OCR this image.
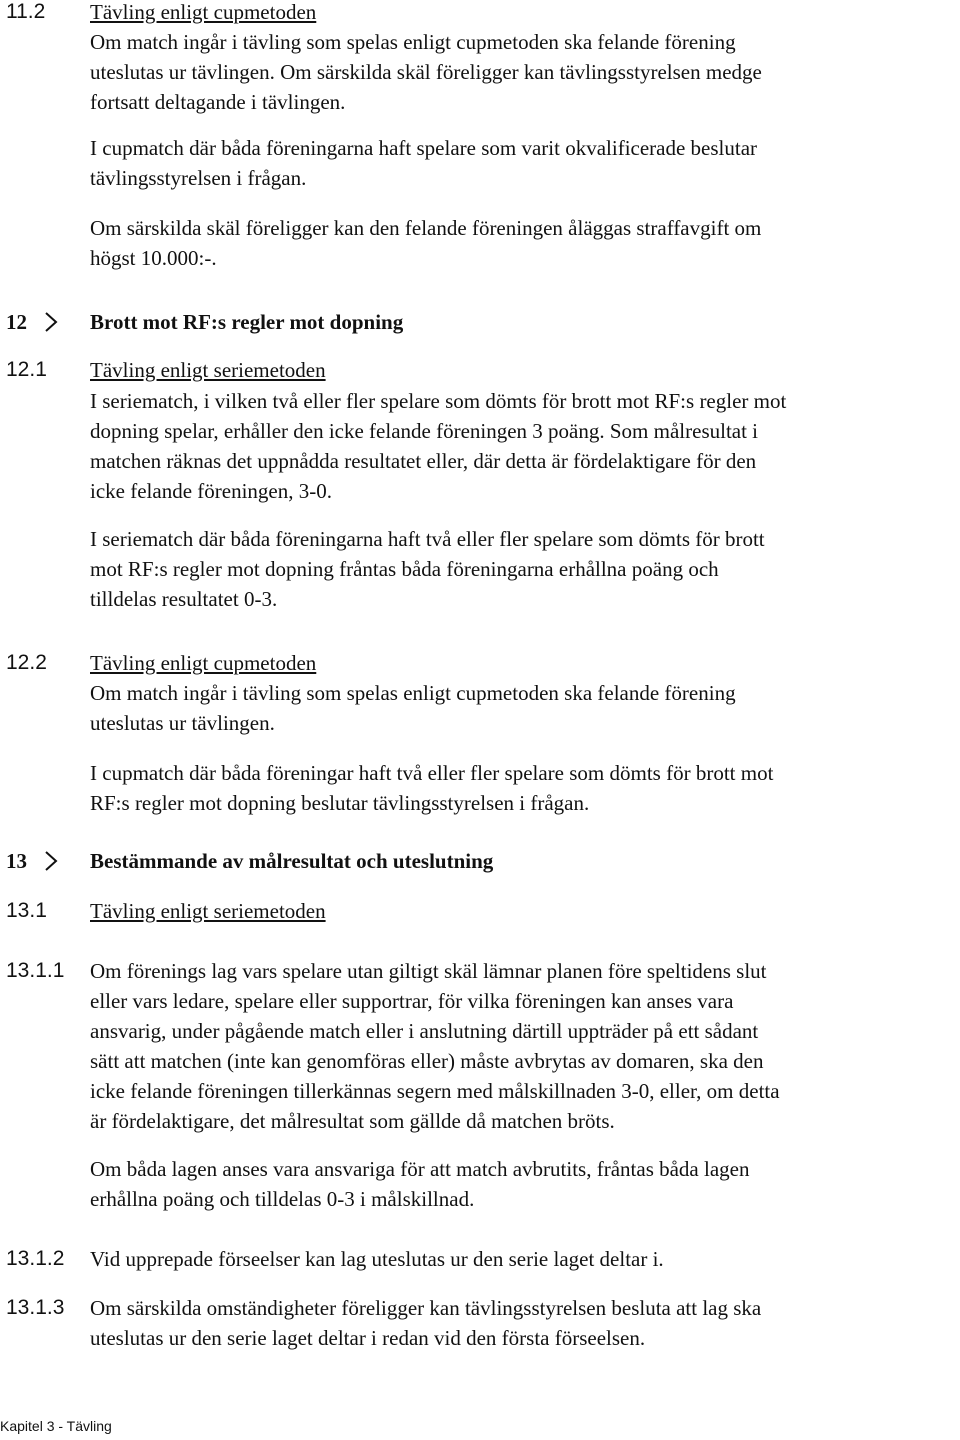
11.2 Tävling enligt cupmetoden
Om match ingår i tävling som spelas enligt cupmetoden ska felande förening
uteslutas ur tävlingen. Om särskilda skäl föreligger kan tävlingsstyrelsen medge
fortsatt deltagande i tävlingen.
I cupmatch där båda föreningarna haft spelare som varit okvalificerade beslutar
tävlingsstyrelsen i frågan.
Om särskilda skäl föreligger kan den felande föreningen åläggas straffavgift om
högst 10.000:-.
12	Brott mot RF:s regler mot dopning
12.1 Tävling enligt seriemetoden
I seriematch, i vilken två eller fler spelare som dömts för brott mot RF:s regler mot
dopning spelar, erhåller den icke felande föreningen 3 poäng. Som målresultat i
matchen räknas det uppnådda resultatet eller, där detta är fördelaktigare för den
icke felande föreningen, 3-0.
I seriematch där båda föreningarna haft två eller fler spelare som dömts för brott
mot RF:s regler mot dopning fråntas båda föreningarna erhållna poäng och
tilldelas resultatet 0-3.
12.2 Tävling enligt cupmetoden
Om match ingår i tävling som spelas enligt cupmetoden ska felande förening
uteslutas ur tävlingen.
I cupmatch där båda föreningar haft två eller fler spelare som dömts för brott mot
RF:s regler mot dopning beslutar tävlingsstyrelsen i frågan.
13	Bestämmande av målresultat och uteslutning
13.1 Tävling enligt seriemetoden
13.1.1 Om förenings lag vars spelare utan giltigt skäl lämnar planen före speltidens slut
eller vars ledare, spelare eller supportrar, för vilka föreningen kan anses vara
ansvarig, under pågående match eller i anslutning därtill uppträder på ett sådant
sätt att matchen (inte kan genomföras eller) måste avbrytas av domaren, ska den
icke felande föreningen tillerkännas segern med målskillnaden 3-0, eller, om detta
är fördelaktigare, det målresultat som gällde då matchen bröts.
Om båda lagen anses vara ansvariga för att match avbrutits, fråntas båda lagen
erhållna poäng och tilldelas 0-3 i målskillnad.
13.1.2 Vid upprepade förseelser kan lag uteslutas ur den serie laget deltar i.
13.1.3 Om särskilda omständigheter föreligger kan tävlingsstyrelsen besluta att lag ska
uteslutas ur den serie laget deltar i redan vid den första förseelsen.
Kapitel 3 - Tävling
